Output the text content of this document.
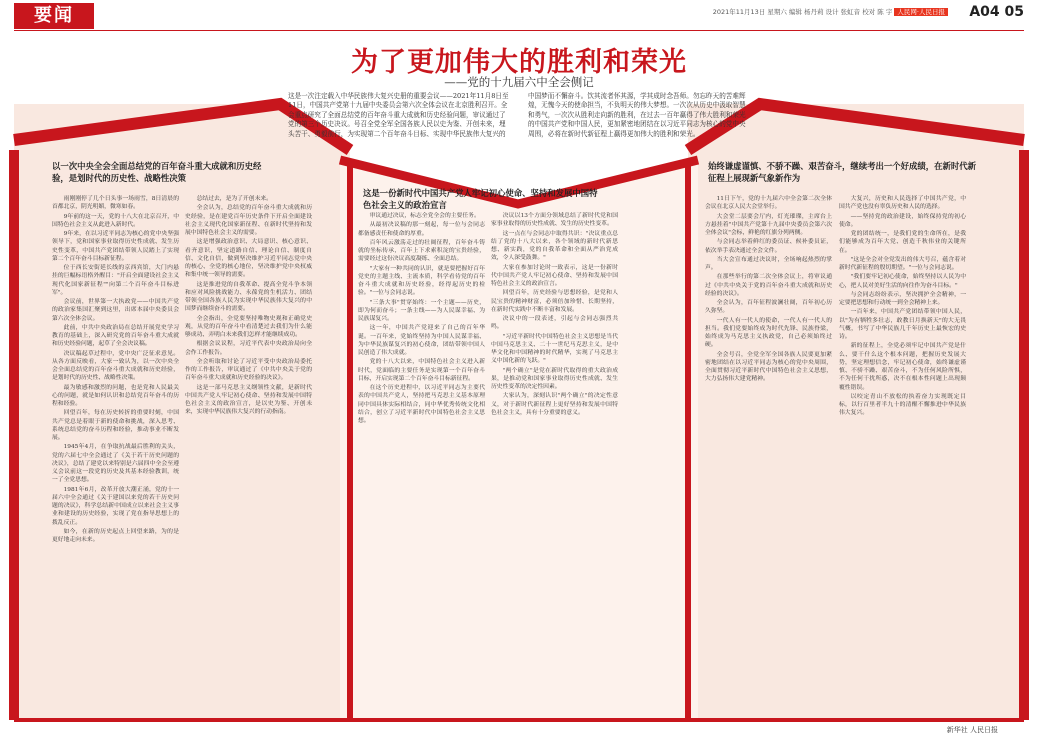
要闻	2021年11月13日 星期六 编辑 杨丹莉 设计 张虹音 校对 陈 宇 人民网·人民日报 A04 05
为了更加伟大的胜利和荣光
——党的十九届六中全会侧记
这是一次注定载入中华民族伟大复兴史册的重要会议——2021年11月8日至11日，中国共产党第十九届中央委员会第六次全体会议在北京胜利召开。全会重点研究了全面总结党的百年奋斗重大成就和历史经验问题，审议通过了党的第三个历史决议。号召全党全军全国各族人民以史为鉴、开创未来，埋头苦干、勇毅前行，为实现第二个百年奋斗目标、实现中华民族伟大复兴的
中国梦而不懈奋斗。饮其流者怀其源，学其成时念吾师。勿忘昨天的苦难辉煌，无愧今天的使命担当，不负明天的伟大梦想。一次次从历史中汲取智慧和勇气，一次次从胜利走向新的胜利，在过去一百年赢得了伟大胜利和荣光的中国共产党和中国人民，更加紧密地团结在以习近平同志为核心的党中央周围，必将在新时代新征程上赢得更加伟大的胜利和荣光。
以一次中央全会全面总结党的百年奋斗重大成就和历史经验，是划时代的历史性、战略性决策
这是一份新时代中国共产党人牢记初心使命、坚持和发展中国特色社会主义的政治宣言
始终谦虚谨慎、不骄不躁、艰苦奋斗，继续考出一个好成绩，在新时代新征程上展现新气象新作为

雨刚刚停了几个日头事一场雨雪，8日清晨的首都北京，阴光明媚，微寒如春。

9年前的这一天，党的十八大在北京召开，中国特色社会主义从此进入新时代。

9年来，在以习近平同志为核心的党中央坚强领导下，党和国家事业取得历史性成就、发生历史性变革，中国共产党团结带领人民踏上了实现第二个百年奋斗目标新征程。

位于西长安街延长线的京西宾馆，大门内悬挂的巨幅标语格外醒目："开启全面建设社会主义现代化国家新征程""向第二个百年奋斗目标进军"。

会议前，世界第一大执政党——中国共产党的政治家集国汇聚到这里，出席本届中央委员会第六次全体会议。

此前，中共中央政治局在总结开展党史学习教育的基础上，深入研究党的百年奋斗重大成就和历史经验问题，起草了全会决议稿。

决议稿起草过程中，党中央广泛征求意见。从各方面反映看，大家一致认为，以一次中央全会全面总结党的百年奋斗重大成就和历史经验，是划时代的历史性、战略性决策。

最为敏感和激烈的问题，也是党和人民最关心的问题，就是如何认识和总结党百年奋斗的历程和经验。

回望百年，每在历史转折的重要时刻，中国共产党总是着眼于新的使命和挑战，深入思考、系统总结党的奋斗历程和经验，推动事业不断发展。

1945年4月，在争取抗战最后胜利的关头，党的六届七中全会通过了《关于若干历史问题的决议》，总结了建党以来特别是六届四中全会至遵义会议前这一段党的历史及其基本经验教训，统一了全党思想。

1981年6月，改革开放大潮正涌，党的十一届六中全会通过《关于建国以来党的若干历史问题的决议》，科学总结新中国成立以来社会主义事业和建设的历史经验，实现了党在指导思想上的拨乱反正。

如今，在新的历史起点上回望来路，为的是更好地走向未来。

总结过去，是为了开创未来。

全会认为，总结党的百年奋斗重大成就和历史经验，是在建党百年历史条件下开启全面建设社会主义现代化国家新征程、在新时代坚持和发展中国特色社会主义的需要。

这是增强政治意识、大局意识、核心意识、看齐意识，坚定道路自信、理论自信、制度自信、文化自信，做到坚决维护习近平同志党中央的核心、全党的核心地位，坚决维护党中央权威和集中统一领导的需要。

这是推进党的自我革命、提高全党斗争本领和应对风险挑战能力、永葆党的生机活力、团结带领全国各族人民为实现中华民族伟大复兴的中国梦而继续奋斗的需要。

全会指出，全党要坚持唯物史观和正确党史观，从党的百年奋斗中看清楚过去我们为什么能够成功、弄明白未来我们怎样才能继续成功。

根据会议议程，习近平代表中央政治局向全会作工作报告。

全会听取和讨论了习近平受中央政治局委托作的工作报告，审议通过了《中共中央关于党的百年奋斗重大成就和历史经验的决议》。

这是一部马克思主义纲领性文献，是新时代中国共产党人牢记初心使命、坚持和发展中国特色社会主义的政治宣言，是以史为鉴、开创未来，实现中华民族伟大复兴的行动指南。

审议通过决议，标志全党全会的主要任务。

从最初决议稿的那一刻起，每一位与会同志都备感责任和使命的厚重。

百年风云激荡走过的壮阔征程，百年奋斗铸就的坐标传承，百年上下求索积淀的宝贵经验，需要经过这份决议高度凝练、全面总结。

"大家有一种共同的认识，就是要把握好百年党史的主题主线、主流本质，科学看待党的百年奋斗重大成就和历史经验，经得起历史的检验。"一位与会同志说。

"三条大事"贯穿始终：一个主题——历史，即为何而奋斗；一条主线——为人民谋幸福、为民族谋复兴。

这一年，中国共产党迎来了自己的百年华诞。一百年来，党始终坚持为中国人民谋幸福、为中华民族谋复兴的初心使命，团结带领中国人民创造了伟大成就。

党的十八大以来，中国特色社会主义进入新时代，党面临的主要任务是实现第一个百年奋斗目标，开启实现第二个百年奋斗目标新征程。

在这个历史进程中，以习近平同志为主要代表的中国共产党人，坚持把马克思主义基本原理同中国具体实际相结合，同中华优秀传统文化相结合，创立了习近平新时代中国特色社会主义思想。

决议以13个方面分领域总结了新时代党和国家事业取得的历史性成就、发生的历史性变革。

这一点在与会同志中取得共识："决议重点总结了党的十八大以来，各个领域的新时代新思想、新实践，党的自我革命和全面从严治党成效，令人深受鼓舞。"

大家在参加讨论时一致表示，这是一份新时代中国共产党人牢记初心使命、坚持和发展中国特色社会主义的政治宣言。

回望百年，历史经验与思想经验，是党和人民宝贵的精神财富，必须倍加珍惜、长期坚持，在新时代实践中不断丰富和发展。

决议中的一段表述，引起与会同志强烈共鸣。

"习近平新时代中国特色社会主义思想是当代中国马克思主义、二十一世纪马克思主义，是中华文化和中国精神的时代精华，实现了马克思主义中国化新的飞跃。"

"两个确立"是党在新时代取得的重大政治成果，是推动党和国家事业取得历史性成就、发生历史性变革的决定性因素。

大家认为，深刻认识"两个确立"的决定性意义，对于新时代新征程上更好坚持和发展中国特色社会主义，具有十分重要的意义。

11日下午，党的十九届六中全会第二次全体会议在北京人民大会堂举行。

大会堂二层要会厅内，灯光璀璨，主席台上方悬挂着"中国共产党第十九届中央委员会第六次全体会议"会标，鲜艳的红旗分列两侧。

与会同志举着鲜红的委员证、候补委员证，依次举手表决通过全会文件。

当大会宣布通过决议时，全场响起热烈的掌声。

在那些举行的第二次全体会议上，将审议通过《中共中央关于党的百年奋斗重大成就和历史经验的决议》。

全会认为，百年征程波澜壮阔，百年初心历久弥坚。

一代人有一代人的使命，一代人有一代人的担当。我们党要始终成为时代先锋、民族脊梁，始终成为马克思主义执政党，自己必须始终过硬。

全会号召，全党全军全国各族人民要更加紧密地团结在以习近平同志为核心的党中央周围，全面贯彻习近平新时代中国特色社会主义思想，大力弘扬伟大建党精神。

大复兴，历史和人民选择了中国共产党，中国共产党也没有辜负历史和人民的选择。

——坚持党的政治建设，始终保持党的初心使命。

党的团结统一，是我们党的生命所在，是我们能够成为百年大党、创造千秋伟业的关键所在。

"这是全会对全党发出的伟大号召，蕴含着对新时代新征程的殷切期望。"一位与会同志说。

"我们要牢记初心使命，始终坚持以人民为中心，把人民对美好生活的向往作为奋斗目标。"

与会同志纷纷表示，坚决拥护全会精神，一定要把思想和行动统一到全会精神上来。

一百年来，中国共产党团结带领中国人民，以"为有牺牲多壮志，敢教日月换新天"的大无畏气概，书写了中华民族几千年历史上最恢宏的史诗。

新的征程上，全党必须牢记中国共产党是什么、要干什么这个根本问题，把握历史发展大势，坚定理想信念，牢记初心使命，始终谦虚谨慎、不骄不躁、艰苦奋斗，不为任何风险所惧，不为任何干扰所惑，决不在根本性问题上出现颠覆性错误。

以咬定青山不放松的执着奋力实现既定目标，以行百里者半九十的清醒不懈推进中华民族伟大复兴。

新华社 人民日报
